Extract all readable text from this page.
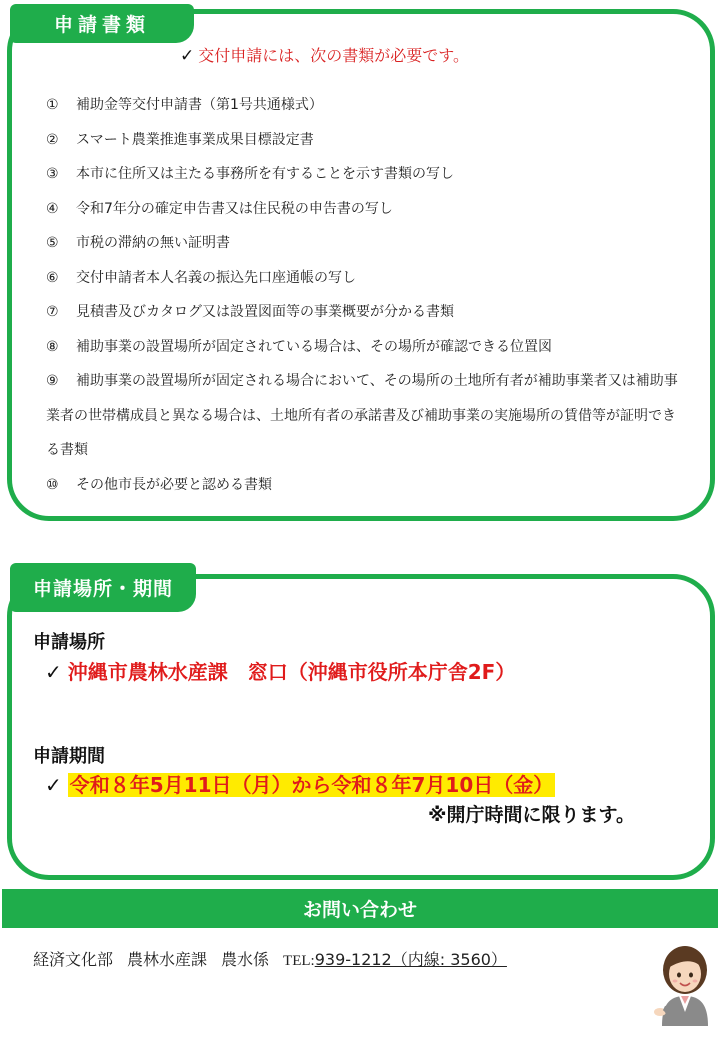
申請書類
✓ 交付申請には、次の書類が必要です。
① 補助金等交付申請書（第1号共通様式）
② スマート農業推進事業成果目標設定書
③ 本市に住所又は主たる事務所を有することを示す書類の写し
④ 令和7年分の確定申告書又は住民税の申告書の写し
⑤ 市税の滞納の無い証明書
⑥ 交付申請者本人名義の振込先口座通帳の写し
⑦ 見積書及びカタログ又は設置図面等の事業概要が分かる書類
⑧ 補助事業の設置場所が固定されている場合は、その場所が確認できる位置図
⑨ 補助事業の設置場所が固定される場合において、その場所の土地所有者が補助事業者又は補助事業者の世帯構成員と異なる場合は、土地所有者の承諾書及び補助事業の実施場所の賃借等が証明できる書類
⑩ その他市長が必要と認める書類
申請場所・期間
申請場所
✓ 沖縄市農林水産課　窓口（沖縄市役所本庁舎2F）
申請期間
✓ 令和８年5月11日（月）から令和８年7月10日（金）
※開庁時間に限ります。
お問い合わせ
経済文化部 農林水産課 農水係 TEL:939-1212（内線: 3560）
